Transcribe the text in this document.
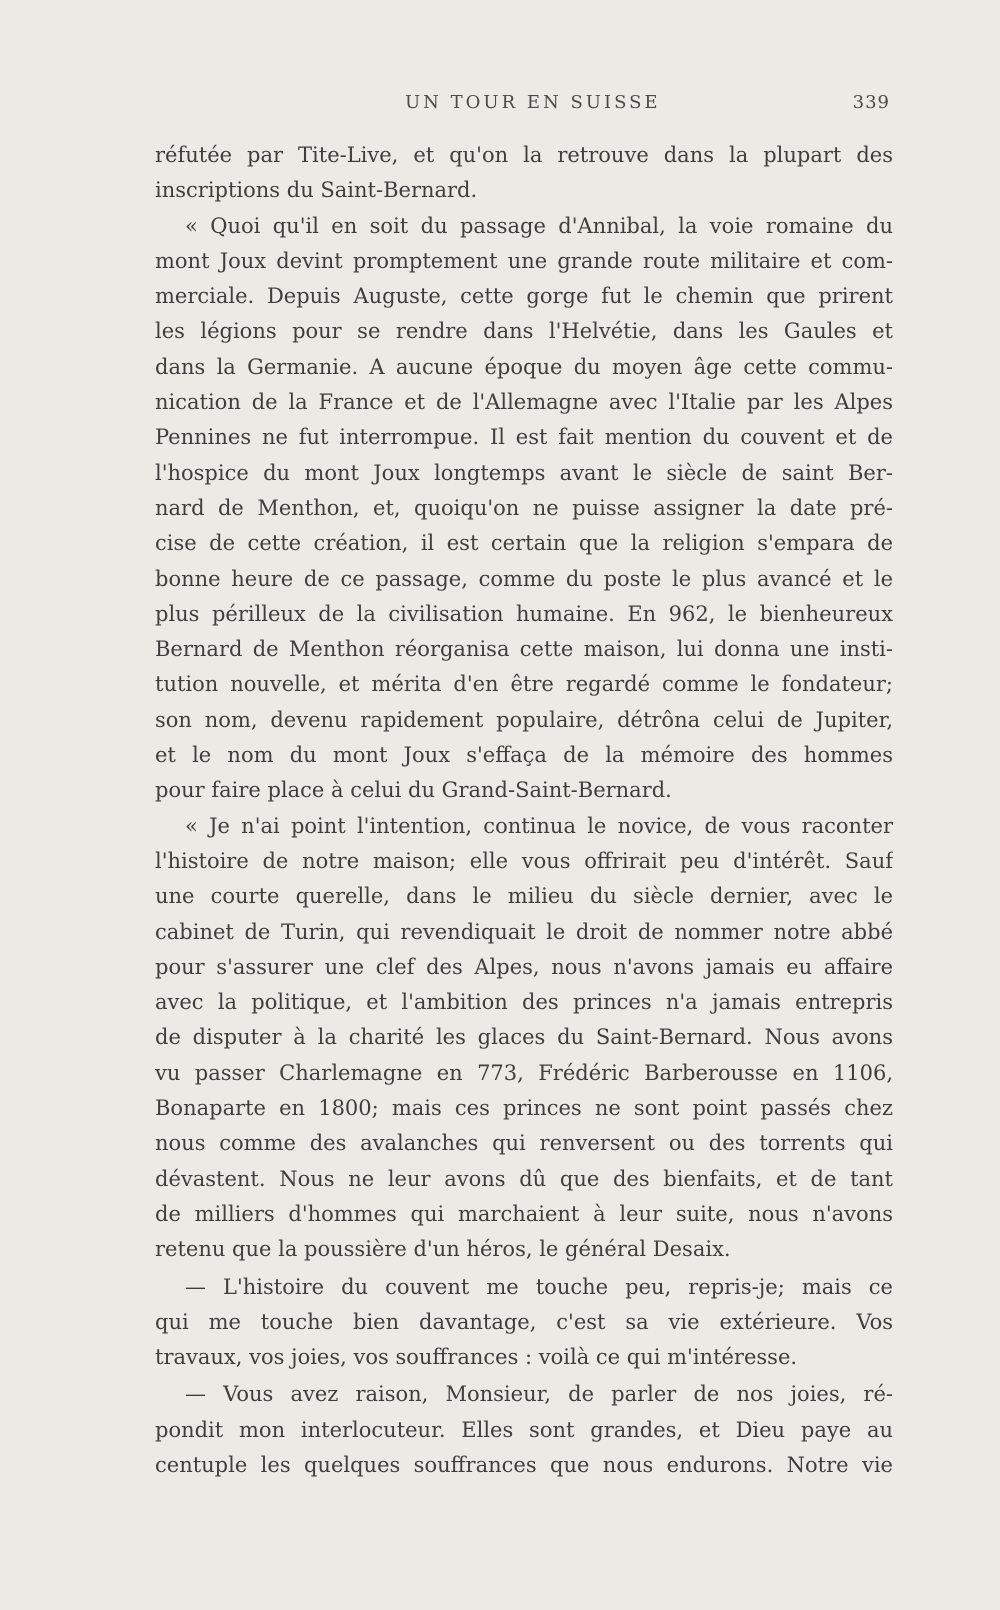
UN TOUR EN SUISSE	339
réfutée par Tite-Live, et qu'on la retrouve dans la plupart des
inscriptions du Saint-Bernard.
« Quoi qu'il en soit du passage d'Annibal, la voie romaine du
mont Joux devint promptement une grande route militaire et com-
merciale. Depuis Auguste, cette gorge fut le chemin que prirent
les légions pour se rendre dans l'Helvétie, dans les Gaules et
dans la Germanie. A aucune époque du moyen âge cette commu-
nication de la France et de l'Allemagne avec l'Italie par les Alpes
Pennines ne fut interrompue. Il est fait mention du couvent et de
l'hospice du mont Joux longtemps avant le siècle de saint Ber-
nard de Menthon, et, quoiqu'on ne puisse assigner la date pré-
cise de cette création, il est certain que la religion s'empara de
bonne heure de ce passage, comme du poste le plus avancé et le
plus périlleux de la civilisation humaine. En 962, le bienheureux
Bernard de Menthon réorganisa cette maison, lui donna une insti-
tution nouvelle, et mérita d'en être regardé comme le fondateur;
son nom, devenu rapidement populaire, détrôna celui de Jupiter,
et le nom du mont Joux s'effaça de la mémoire des hommes
pour faire place à celui du Grand-Saint-Bernard.
« Je n'ai point l'intention, continua le novice, de vous raconter
l'histoire de notre maison; elle vous offrirait peu d'intérêt. Sauf
une courte querelle, dans le milieu du siècle dernier, avec le
cabinet de Turin, qui revendiquait le droit de nommer notre abbé
pour s'assurer une clef des Alpes, nous n'avons jamais eu affaire
avec la politique, et l'ambition des princes n'a jamais entrepris
de disputer à la charité les glaces du Saint-Bernard. Nous avons
vu passer Charlemagne en 773, Frédéric Barberousse en 1106,
Bonaparte en 1800; mais ces princes ne sont point passés chez
nous comme des avalanches qui renversent ou des torrents qui
dévastent. Nous ne leur avons dû que des bienfaits, et de tant
de milliers d'hommes qui marchaient à leur suite, nous n'avons
retenu que la poussière d'un héros, le général Desaix.
— L'histoire du couvent me touche peu, repris-je; mais ce
qui me touche bien davantage, c'est sa vie extérieure. Vos
travaux, vos joies, vos souffrances : voilà ce qui m'intéresse.
— Vous avez raison, Monsieur, de parler de nos joies, ré-
pondit mon interlocuteur. Elles sont grandes, et Dieu paye au
centuple les quelques souffrances que nous endurons. Notre vie
